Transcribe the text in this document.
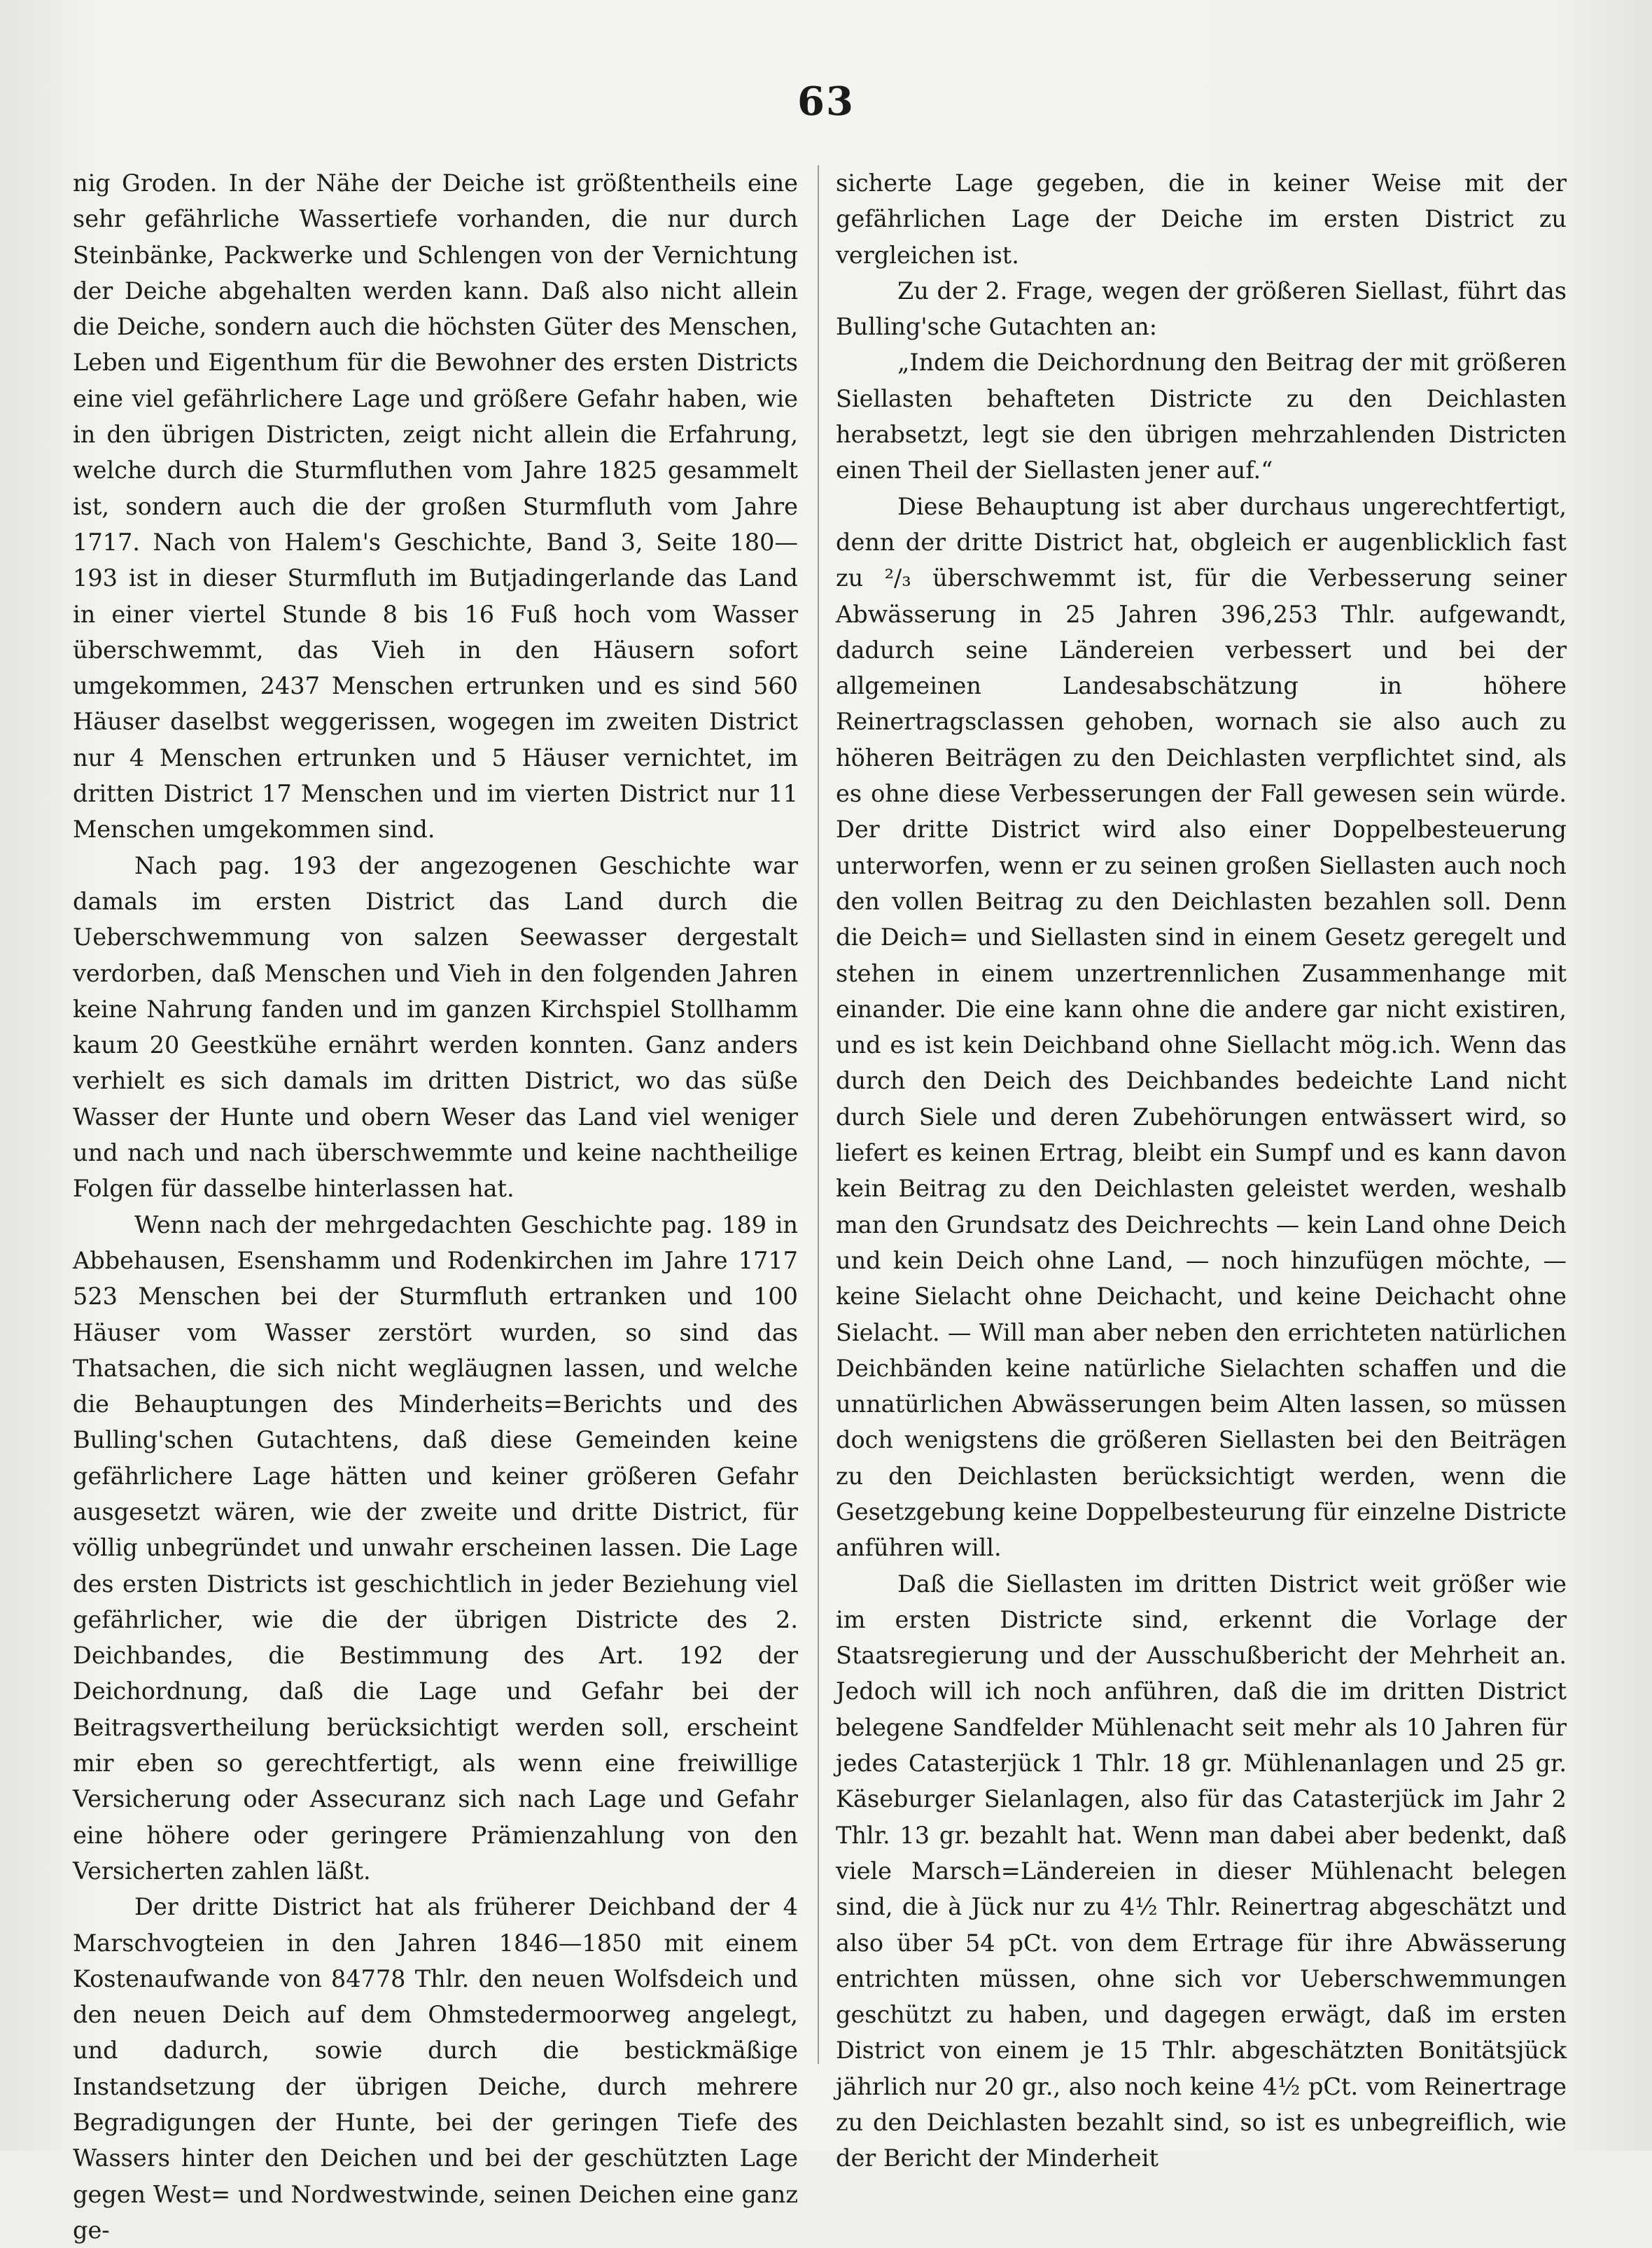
63

nig Groden. In der Nähe der Deiche ist größtentheils eine sehr gefährliche Wassertiefe vorhanden, die nur durch Steinbänke, Packwerke und Schlengen von der Vernichtung der Deiche abgehalten werden kann. Daß also nicht allein die Deiche, sondern auch die höchsten Güter des Menschen, Leben und Eigenthum für die Bewohner des ersten Districts eine viel gefährlichere Lage und größere Gefahr haben, wie in den übrigen Districten, zeigt nicht allein die Erfahrung, welche durch die Sturmfluthen vom Jahre 1825 gesammelt ist, sondern auch die der großen Sturmfluth vom Jahre 1717. Nach von Halem's Geschichte, Band 3, Seite 180—193 ist in dieser Sturmfluth im Butjadingerlande das Land in einer viertel Stunde 8 bis 16 Fuß hoch vom Wasser überschwemmt, das Vieh in den Häusern sofort umgekommen, 2437 Menschen ertrunken und es sind 560 Häuser daselbst weggerissen, wogegen im zweiten District nur 4 Menschen ertrunken und 5 Häuser vernichtet, im dritten District 17 Menschen und im vierten District nur 11 Menschen umgekommen sind.

Nach pag. 193 der angezogenen Geschichte war damals im ersten District das Land durch die Ueberschwemmung von salzen Seewasser dergestalt verdorben, daß Menschen und Vieh in den folgenden Jahren keine Nahrung fanden und im ganzen Kirchspiel Stollhamm kaum 20 Geestkühe ernährt werden konnten. Ganz anders verhielt es sich damals im dritten District, wo das süße Wasser der Hunte und obern Weser das Land viel weniger und nach und nach überschwemmte und keine nachtheilige Folgen für dasselbe hinterlassen hat.

Wenn nach der mehrgedachten Geschichte pag. 189 in Abbehausen, Esenshamm und Rodenkirchen im Jahre 1717 523 Menschen bei der Sturmfluth ertranken und 100 Häuser vom Wasser zerstört wurden, so sind das Thatsachen, die sich nicht wegläugnen lassen, und welche die Behauptungen des Minderheits=Berichts und des Bulling'schen Gutachtens, daß diese Gemeinden keine gefährlichere Lage hätten und keiner größeren Gefahr ausgesetzt wären, wie der zweite und dritte District, für völlig unbegründet und unwahr erscheinen lassen. Die Lage des ersten Districts ist geschichtlich in jeder Beziehung viel gefährlicher, wie die der übrigen Districte des 2. Deichbandes, die Bestimmung des Art. 192 der Deichordnung, daß die Lage und Gefahr bei der Beitragsvertheilung berücksichtigt werden soll, erscheint mir eben so gerechtfertigt, als wenn eine freiwillige Versicherung oder Assecuranz sich nach Lage und Gefahr eine höhere oder geringere Prämienzahlung von den Versicherten zahlen läßt.

Der dritte District hat als früherer Deichband der 4 Marschvogteien in den Jahren 1846—1850 mit einem Kostenaufwande von 84778 Thlr. den neuen Wolfsdeich und den neuen Deich auf dem Ohmstedermoorweg angelegt, und dadurch, sowie durch die bestickmäßige Instandsetzung der übrigen Deiche, durch mehrere Begradigungen der Hunte, bei der geringen Tiefe des Wassers hinter den Deichen und bei der geschützten Lage gegen West= und Nordwestwinde, seinen Deichen eine ganz ge-

sicherte Lage gegeben, die in keiner Weise mit der gefährlichen Lage der Deiche im ersten District zu vergleichen ist.

Zu der 2. Frage, wegen der größeren Siellast, führt das Bulling'sche Gutachten an:

„Indem die Deichordnung den Beitrag der mit größeren Siellasten behafteten Districte zu den Deichlasten herabsetzt, legt sie den übrigen mehrzahlenden Districten einen Theil der Siellasten jener auf.“

Diese Behauptung ist aber durchaus ungerechtfertigt, denn der dritte District hat, obgleich er augenblicklich fast zu ²/₃ überschwemmt ist, für die Verbesserung seiner Abwässerung in 25 Jahren 396,253 Thlr. aufgewandt, dadurch seine Ländereien verbessert und bei der allgemeinen Landesabschätzung in höhere Reinertragsclassen gehoben, wornach sie also auch zu höheren Beiträgen zu den Deichlasten verpflichtet sind, als es ohne diese Verbesserungen der Fall gewesen sein würde. Der dritte District wird also einer Doppelbesteuerung unterworfen, wenn er zu seinen großen Siellasten auch noch den vollen Beitrag zu den Deichlasten bezahlen soll. Denn die Deich= und Siellasten sind in einem Gesetz geregelt und stehen in einem unzertrennlichen Zusammenhange mit einander. Die eine kann ohne die andere gar nicht existiren, und es ist kein Deichband ohne Siellacht mög.ich. Wenn das durch den Deich des Deichbandes bedeichte Land nicht durch Siele und deren Zubehörungen entwässert wird, so liefert es keinen Ertrag, bleibt ein Sumpf und es kann davon kein Beitrag zu den Deichlasten geleistet werden, weshalb man den Grundsatz des Deichrechts — kein Land ohne Deich und kein Deich ohne Land, — noch hinzufügen möchte, — keine Sielacht ohne Deichacht, und keine Deichacht ohne Sielacht. — Will man aber neben den errichteten natürlichen Deichbänden keine natürliche Sielachten schaffen und die unnatürlichen Abwässerungen beim Alten lassen, so müssen doch wenigstens die größeren Siellasten bei den Beiträgen zu den Deichlasten berücksichtigt werden, wenn die Gesetzgebung keine Doppelbesteurung für einzelne Districte anführen will.

Daß die Siellasten im dritten District weit größer wie im ersten Districte sind, erkennt die Vorlage der Staatsregierung und der Ausschußbericht der Mehrheit an. Jedoch will ich noch anführen, daß die im dritten District belegene Sandfelder Mühlenacht seit mehr als 10 Jahren für jedes Catasterjück 1 Thlr. 18 gr. Mühlenanlagen und 25 gr. Käseburger Sielanlagen, also für das Catasterjück im Jahr 2 Thlr. 13 gr. bezahlt hat. Wenn man dabei aber bedenkt, daß viele Marsch=Ländereien in dieser Mühlenacht belegen sind, die à Jück nur zu 4½ Thlr. Reinertrag abgeschätzt und also über 54 pCt. von dem Ertrage für ihre Abwässerung entrichten müssen, ohne sich vor Ueberschwemmungen geschützt zu haben, und dagegen erwägt, daß im ersten District von einem je 15 Thlr. abgeschätzten Bonitätsjück jährlich nur 20 gr., also noch keine 4½ pCt. vom Reinertrage zu den Deichlasten bezahlt sind, so ist es unbegreiflich, wie der Bericht der Minderheit
